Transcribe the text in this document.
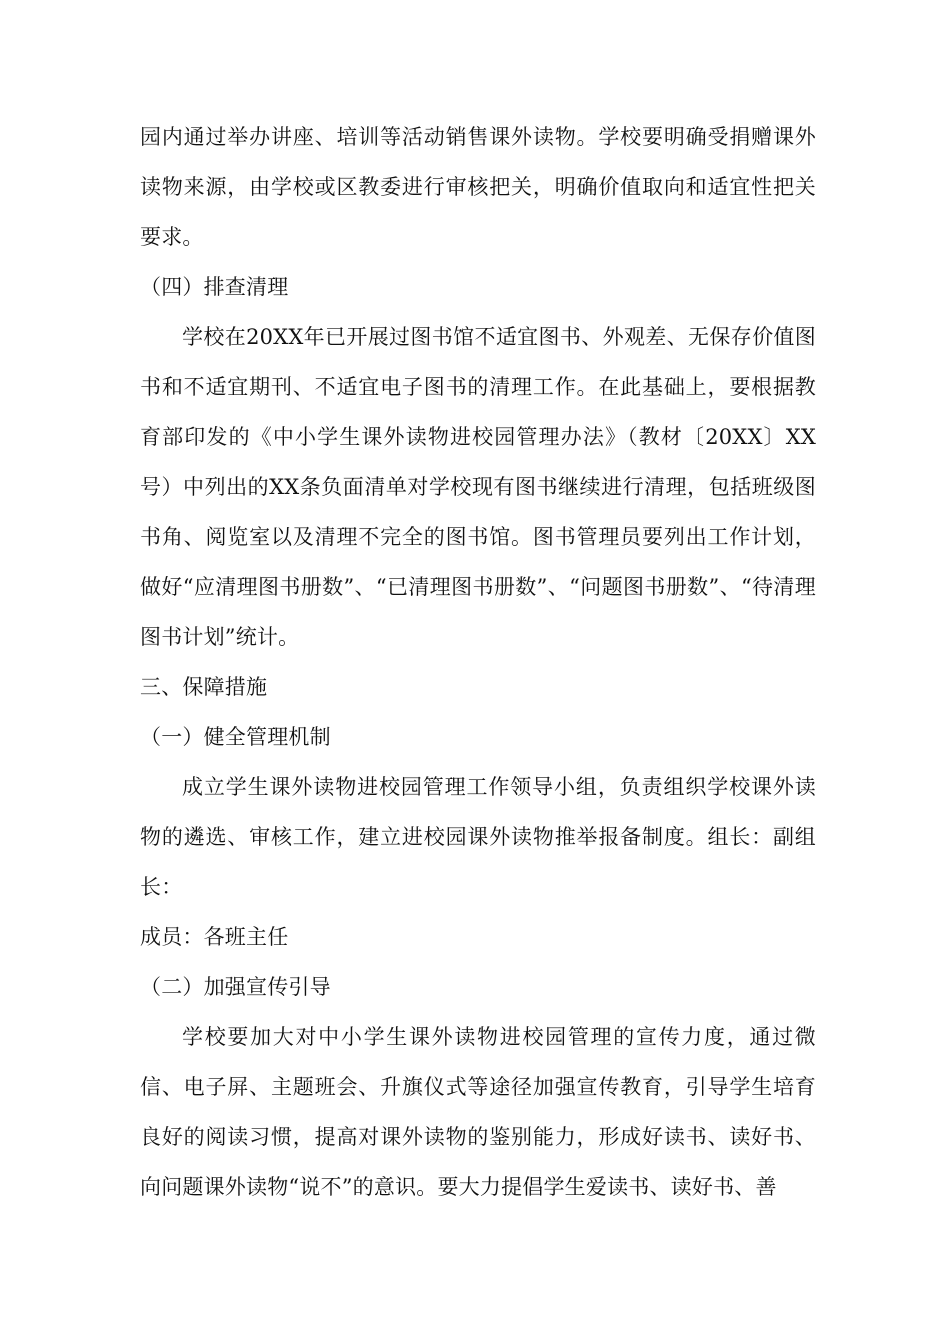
园内通过举办讲座、培训等活动销售课外读物。学校要明确受捐赠课外读物来源，由学校或区教委进行审核把关，明确价值取向和适宜性把关要求。

（四）排查清理

学校在20XX年已开展过图书馆不适宜图书、外观差、无保存价值图书和不适宜期刊、不适宜电子图书的清理工作。在此基础上，要根据教育部印发的《中小学生课外读物进校园管理办法》（教材〔20XX〕XX号）中列出的XX条负面清单对学校现有图书继续进行清理，包括班级图书角、阅览室以及清理不完全的图书馆。图书管理员要列出工作计划，做好“应清理图书册数”、“已清理图书册数”、“问题图书册数”、“待清理图书计划”统计。

三、保障措施

（一）健全管理机制

成立学生课外读物进校园管理工作领导小组，负责组织学校课外读物的遴选、审核工作，建立进校园课外读物推举报备制度。组长：副组长：

成员：各班主任

（二）加强宣传引导

学校要加大对中小学生课外读物进校园管理的宣传力度，通过微信、电子屏、主题班会、升旗仪式等途径加强宣传教育，引导学生培育良好的阅读习惯，提高对课外读物的鉴别能力，形成好读书、读好书、向问题课外读物“说不”的意识。要大力提倡学生爱读书、读好书、善
